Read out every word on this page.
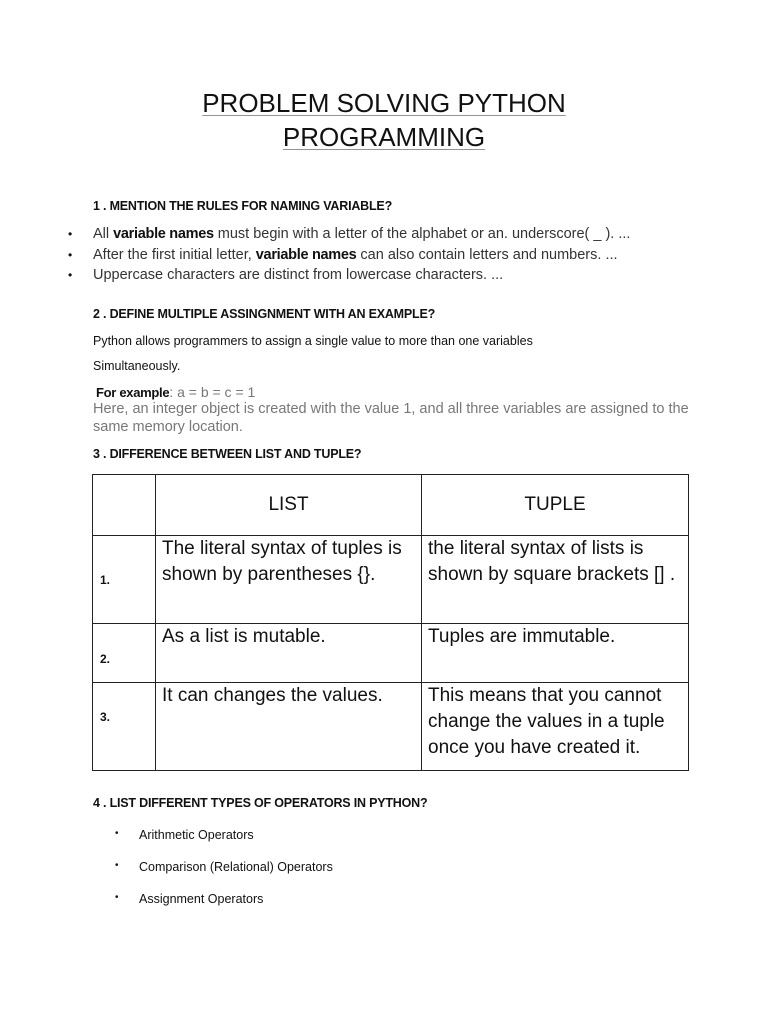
PROBLEM SOLVING PYTHON
PROGRAMMING
1 . MENTION THE RULES FOR NAMING VARIABLE?
• All variable names must begin with a letter of the alphabet or an. underscore( _ ). ...
• After the first initial letter, variable names can also contain letters and numbers. ...
• Uppercase characters are distinct from lowercase characters. ...
2 . DEFINE MULTIPLE ASSINGNMENT WITH AN EXAMPLE?
Python allows programmers to assign a single value to more than one variables
Simultaneously.
For example: a = b = c = 1
Here, an integer object is created with the value 1, and all three variables are assigned to the same memory location.
3 . DIFFERENCE BETWEEN LIST AND TUPLE?
	LIST	TUPLE
1.	The literal syntax of tuples is shown by parentheses {}.	the literal syntax of lists is shown by square brackets [] .
2.	As a list is mutable.	Tuples are immutable.
3.	It can changes the values.	This means that you cannot change the values in a tuple once you have created it.
4 . LIST DIFFERENT TYPES OF OPERATORS IN PYTHON?
• Arithmetic Operators
• Comparison (Relational) Operators
• Assignment Operators
